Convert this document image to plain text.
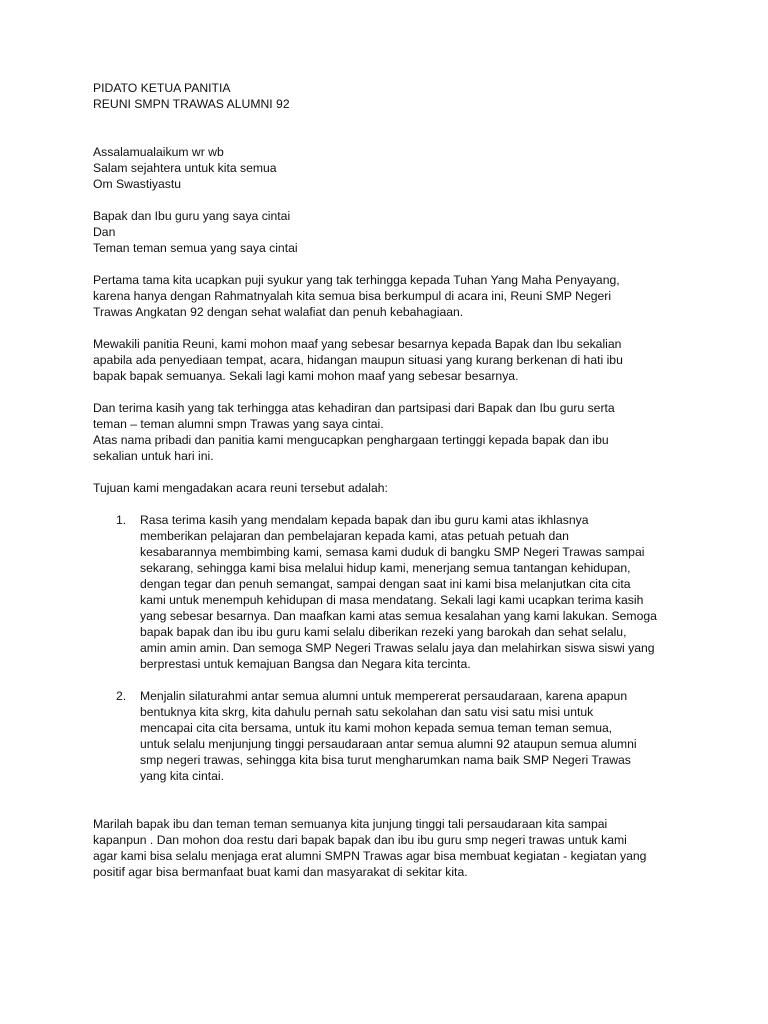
PIDATO KETUA PANITIA
REUNI SMPN TRAWAS ALUMNI 92
Assalamualaikum wr wb
Salam sejahtera untuk kita semua
Om Swastiyastu
Bapak dan Ibu guru yang saya cintai
Dan
Teman teman semua yang saya cintai
Pertama tama kita ucapkan puji syukur yang tak terhingga kepada Tuhan Yang Maha Penyayang,
karena hanya dengan Rahmatnyalah kita semua bisa berkumpul di acara ini, Reuni SMP Negeri
Trawas Angkatan 92 dengan sehat walafiat dan penuh kebahagiaan.
Mewakili panitia Reuni, kami mohon maaf yang sebesar besarnya kepada Bapak dan Ibu sekalian
apabila ada penyediaan tempat, acara, hidangan maupun situasi yang kurang berkenan di hati ibu
bapak bapak semuanya. Sekali lagi kami mohon maaf yang sebesar besarnya.
Dan terima kasih yang tak terhingga atas kehadiran dan partsipasi dari Bapak dan Ibu guru serta
teman – teman alumni smpn Trawas yang saya cintai.
Atas nama pribadi dan panitia kami mengucapkan penghargaan tertinggi kepada bapak dan ibu
sekalian untuk hari ini.
Tujuan kami mengadakan acara reuni tersebut adalah:
1. Rasa terima kasih yang mendalam kepada bapak dan ibu guru kami atas ikhlasnya
memberikan pelajaran dan pembelajaran kepada kami, atas petuah petuah dan
kesabarannya membimbing kami, semasa kami duduk di bangku SMP Negeri Trawas sampai
sekarang, sehingga kami bisa melalui hidup kami, menerjang semua tantangan kehidupan,
dengan tegar dan penuh semangat, sampai dengan saat ini kami bisa melanjutkan cita cita
kami untuk menempuh kehidupan di masa mendatang. Sekali lagi kami ucapkan terima kasih
yang sebesar besarnya. Dan maafkan kami atas semua kesalahan yang kami lakukan. Semoga
bapak bapak dan ibu ibu guru kami selalu diberikan rezeki yang barokah dan sehat selalu,
amin amin amin. Dan semoga SMP Negeri Trawas selalu jaya dan melahirkan siswa siswi yang
berprestasi untuk kemajuan Bangsa dan Negara kita tercinta.
2. Menjalin silaturahmi antar semua alumni untuk mempererat persaudaraan, karena apapun
bentuknya kita skrg, kita dahulu pernah satu sekolahan dan satu visi satu misi untuk
mencapai cita cita bersama, untuk itu kami mohon kepada semua teman teman semua,
untuk selalu menjunjung tinggi persaudaraan antar semua alumni 92 ataupun semua alumni
smp negeri trawas, sehingga kita bisa turut mengharumkan nama baik SMP Negeri Trawas
yang kita cintai.
Marilah bapak ibu dan teman teman semuanya kita junjung tinggi tali persaudaraan kita sampai
kapanpun . Dan mohon doa restu dari bapak bapak dan ibu ibu guru smp negeri trawas untuk kami
agar kami bisa selalu menjaga erat alumni SMPN Trawas agar bisa membuat kegiatan - kegiatan yang
positif agar bisa bermanfaat buat kami dan masyarakat di sekitar kita.
